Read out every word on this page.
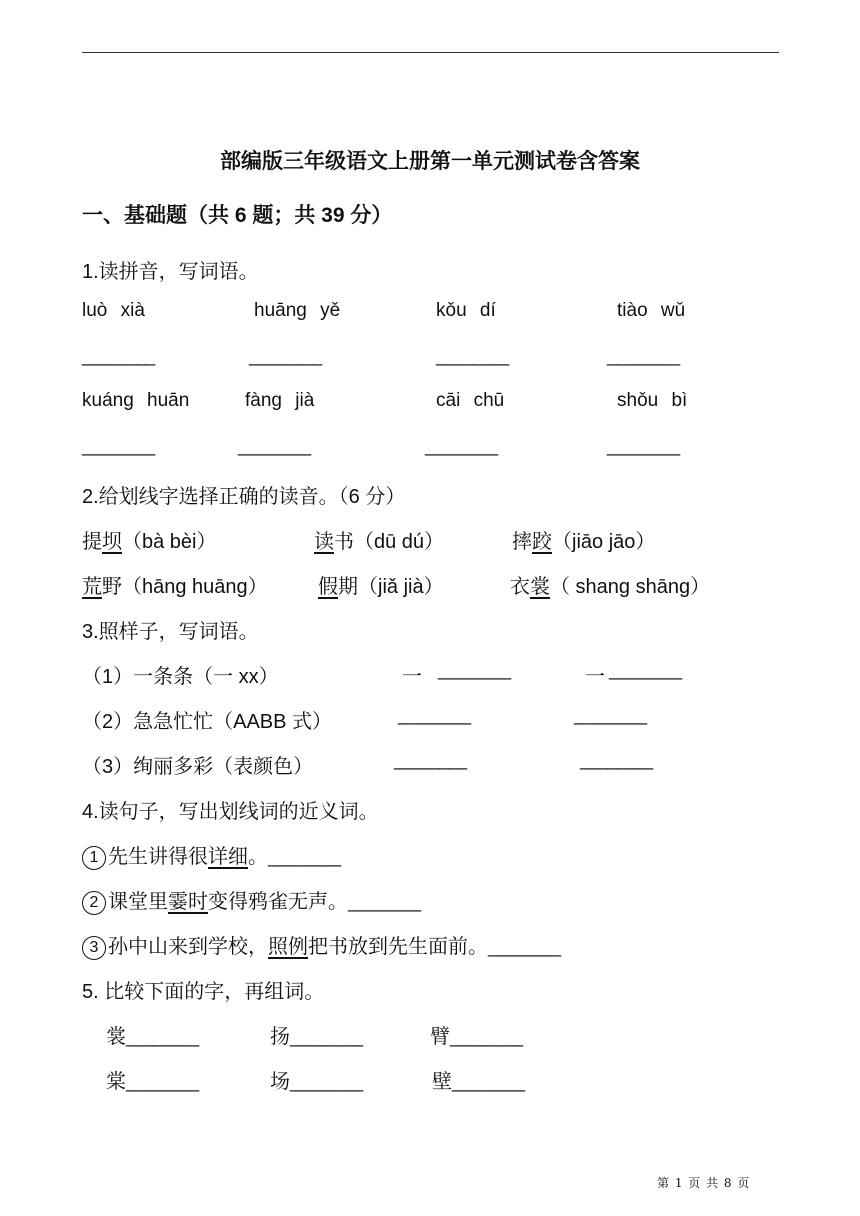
部编版三年级语文上册第一单元测试卷含答案
一、基础题（共 6 题；共 39 分）
1.读拼音，写词语。
luò xià	huānɡ yě	kǒu dí	tiào wǔ
________	________	________	________
kuánɡ huān	fànɡ jià	cāi chū	shǒu bì
________	________	________	________
2.给划线字选择正确的读音。（6 分）
提坝（bà bèi）	读书（dū dú）	摔跤（jiāo jāo）
荒野（hāng huāng）	假期（jiǎ jià）	衣裳（ shang shāng）
3.照样子，写词语。
（1）一条条（一 xx）	一 ________	一 ________
（2）急急忙忙（AABB 式）	________	________
（3）绚丽多彩（表颜色）	________	________
4.读句子，写出划线词的近义词。
1 先生讲得很详细。________
2 课堂里霎时变得鸦雀无声。________
3 孙中山来到学校，照例把书放到先生面前。________
5. 比较下面的字，再组词。
裳________	扬________	臂________
棠________	场________	壁________
第 1 页 共 8 页
